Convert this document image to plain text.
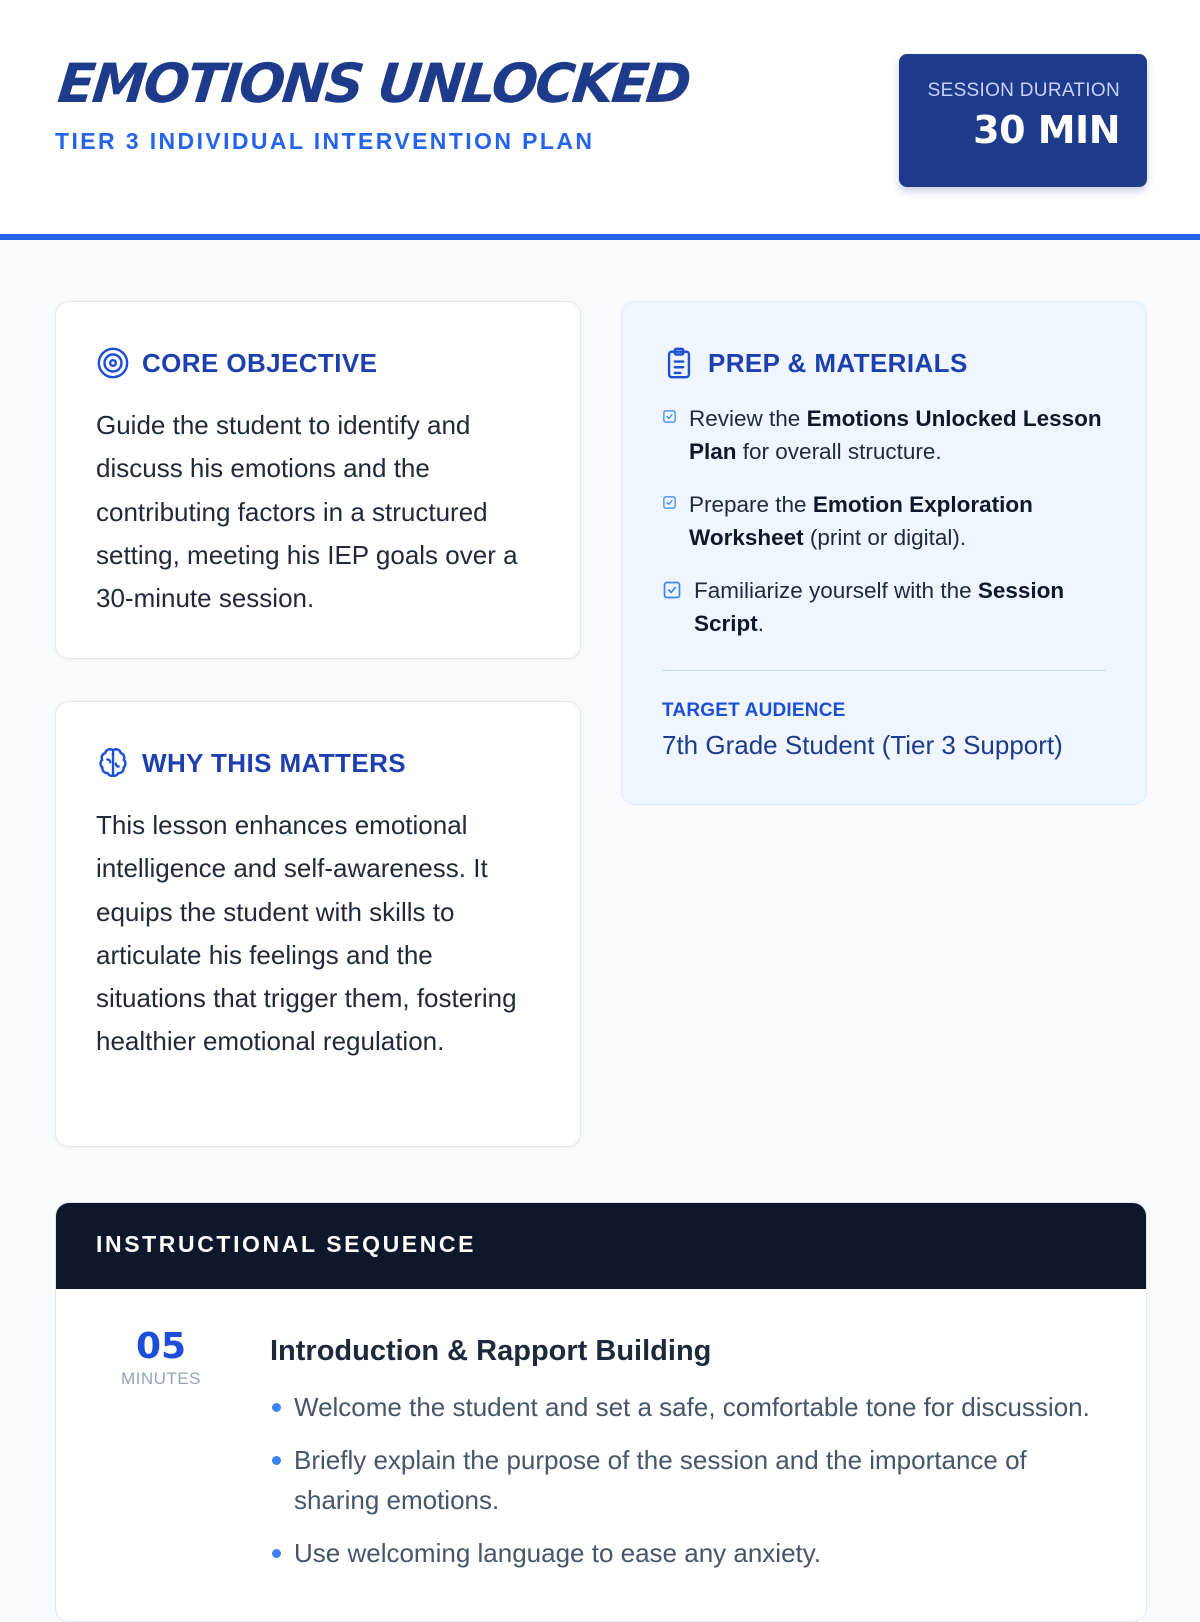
EMOTIONS UNLOCKED
TIER 3 INDIVIDUAL INTERVENTION PLAN
SESSION DURATION
30 MIN
CORE OBJECTIVE
Guide the student to identify and discuss his emotions and the contributing factors in a structured setting, meeting his IEP goals over a 30-minute session.
WHY THIS MATTERS
This lesson enhances emotional intelligence and self-awareness. It equips the student with skills to articulate his feelings and the situations that trigger them, fostering healthier emotional regulation.
PREP & MATERIALS
Review the Emotions Unlocked Lesson Plan for overall structure.
Prepare the Emotion Exploration Worksheet (print or digital).
Familiarize yourself with the Session Script.
TARGET AUDIENCE
7th Grade Student (Tier 3 Support)
INSTRUCTIONAL SEQUENCE
05
MINUTES
Introduction & Rapport Building
Welcome the student and set a safe, comfortable tone for discussion.
Briefly explain the purpose of the session and the importance of sharing emotions.
Use welcoming language to ease any anxiety.
